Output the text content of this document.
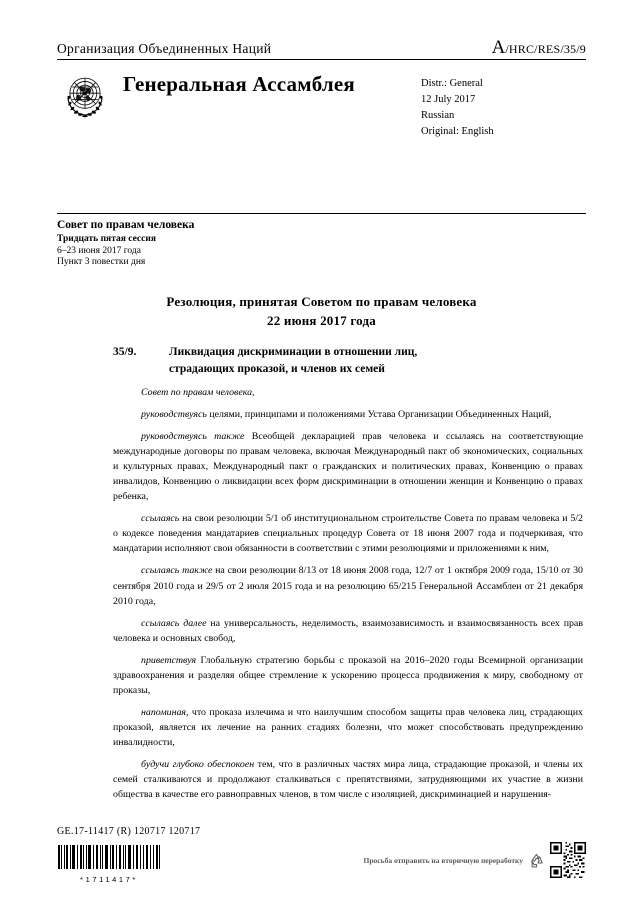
Организация Объединенных Наций	A/HRC/RES/35/9
Генеральная Ассамблея	Distr.: General
12 July 2017
Russian
Original: English
Совет по правам человека
Тридцать пятая сессия
6–23 июня 2017 года
Пункт 3 повестки дня
Резолюция, принятая Советом по правам человека
22 июня 2017 года
35/9.	Ликвидация дискриминации в отношении лиц,
страдающих проказой, и членов их семей

Совет по правам человека,

руководствуясь целями, принципами и положениями Устава Организации Объединенных Наций,

руководствуясь также Всеобщей декларацией прав человека и ссылаясь на соответствующие международные договоры по правам человека, включая Международный пакт об экономических, социальных и культурных правах, Международный пакт о гражданских и политических правах, Конвенцию о правах инвалидов, Конвенцию о ликвидации всех форм дискриминации в отношении женщин и Конвенцию о правах ребенка,

ссылаясь на свои резолюции 5/1 об институциональном строительстве Совета по правам человека и 5/2 о кодексе поведения мандатариев специальных процедур Совета от 18 июня 2007 года и подчеркивая, что мандатарии исполняют свои обязанности в соответствии с этими резолюциями и приложениями к ним,

ссылаясь также на свои резолюции 8/13 от 18 июня 2008 года, 12/7 от 1 октября 2009 года, 15/10 от 30 сентября 2010 года и 29/5 от 2 июля 2015 года и на резолюцию 65/215 Генеральной Ассамблеи от 21 декабря 2010 года,

ссылаясь далее на универсальность, неделимость, взаимозависимость и взаимосвязанность всех прав человека и основных свобод,

приветствуя Глобальную стратегию борьбы с проказой на 2016–2020 годы Всемирной организации здравоохранения и разделяя общее стремление к ускорению процесса продвижения к миру, свободному от проказы,

напоминая, что проказа излечима и что наилучшим способом защиты прав человека лиц, страдающих проказой, является их лечение на ранних стадиях болезни, что может способствовать предупреждению инвалидности,

будучи глубоко обеспокоен тем, что в различных частях мира лица, страдающие проказой, и члены их семей сталкиваются и продолжают сталкиваться с препятствиями, затрудняющими их участие в жизни общества в качестве его равноправных членов, в том числе с изоляцией, дискриминацией и нарушения-

GE.17-11417 (R) 120717 120717
*1711417*
Просьба отправить на вторичную переработку
